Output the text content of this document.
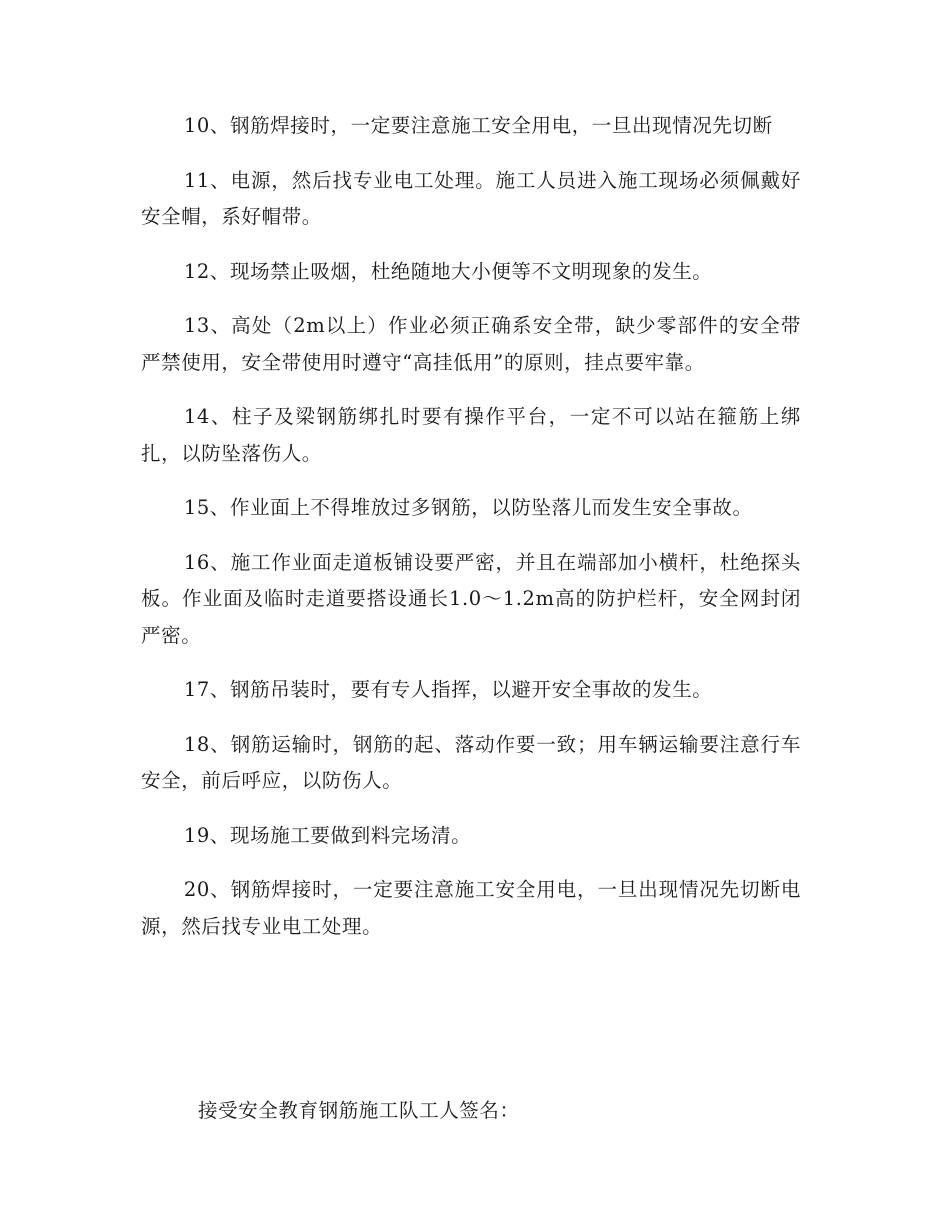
10、钢筋焊接时，一定要注意施工安全用电，一旦出现情况先切断

11、电源，然后找专业电工处理。施工人员进入施工现场必须佩戴好安全帽，系好帽带。

12、现场禁止吸烟，杜绝随地大小便等不文明现象的发生。

13、高处（2m以上）作业必须正确系安全带，缺少零部件的安全带严禁使用，安全带使用时遵守“高挂低用”的原则，挂点要牢靠。

14、柱子及梁钢筋绑扎时要有操作平台，一定不可以站在箍筋上绑扎，以防坠落伤人。

15、作业面上不得堆放过多钢筋，以防坠落儿而发生安全事故。

16、施工作业面走道板铺设要严密，并且在端部加小横杆，杜绝探头板。作业面及临时走道要搭设通长1.0～1.2m高的防护栏杆，安全网封闭严密。

17、钢筋吊装时，要有专人指挥，以避开安全事故的发生。

18、钢筋运输时，钢筋的起、落动作要一致；用车辆运输要注意行车安全，前后呼应，以防伤人。

19、现场施工要做到料完场清。

20、钢筋焊接时，一定要注意施工安全用电，一旦出现情况先切断电源，然后找专业电工处理。

接受安全教育钢筋施工队工人签名：
